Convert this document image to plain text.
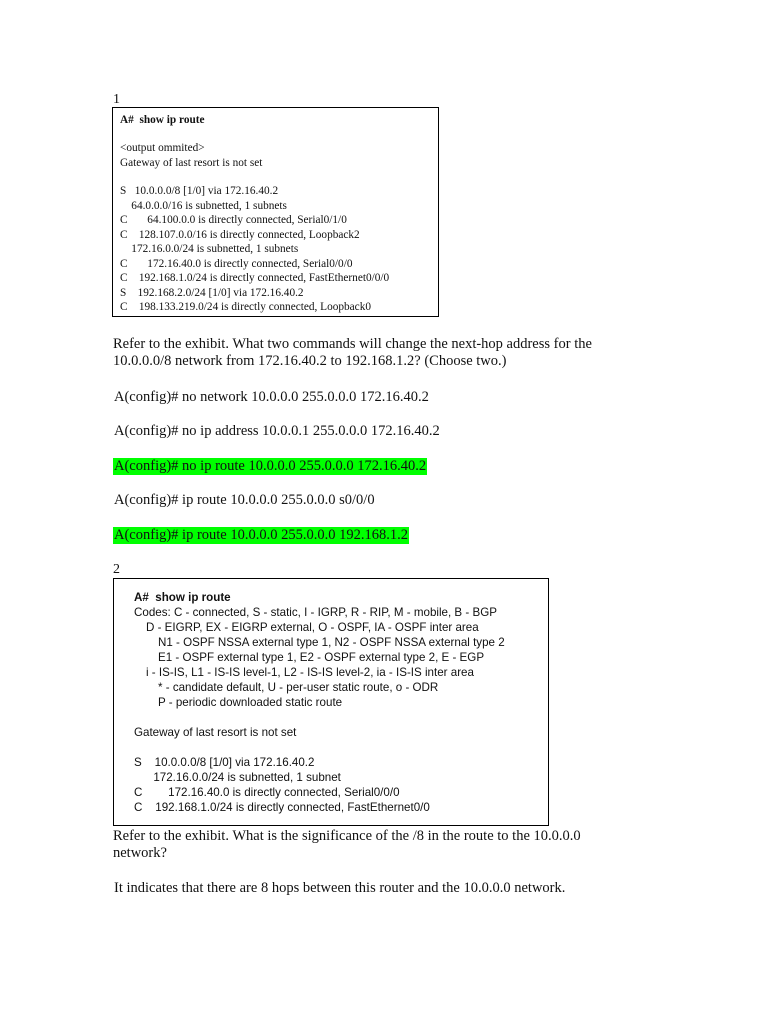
1
A#  show ip route
<output ommited>
Gateway of last resort is not set
S   10.0.0.0/8 [1/0] via 172.16.40.2
64.0.0.0/16 is subnetted, 1 subnets
C       64.100.0.0 is directly connected, Serial0/1/0
C    128.107.0.0/16 is directly connected, Loopback2
172.16.0.0/24 is subnetted, 1 subnets
C       172.16.40.0 is directly connected, Serial0/0/0
C    192.168.1.0/24 is directly connected, FastEthernet0/0/0
S    192.168.2.0/24 [1/0] via 172.16.40.2
C    198.133.219.0/24 is directly connected, Loopback0
Refer to the exhibit. What two commands will change the next-hop address for the
10.0.0.0/8 network from 172.16.40.2 to 192.168.1.2? (Choose two.)
A(config)# no network 10.0.0.0 255.0.0.0 172.16.40.2
A(config)# no ip address 10.0.0.1 255.0.0.0 172.16.40.2
A(config)# no ip route 10.0.0.0 255.0.0.0 172.16.40.2
A(config)# ip route 10.0.0.0 255.0.0.0 s0/0/0
A(config)# ip route 10.0.0.0 255.0.0.0 192.168.1.2
2
A#  show ip route
Codes: C - connected, S - static, I - IGRP, R - RIP, M - mobile, B - BGP
D - EIGRP, EX - EIGRP external, O - OSPF, IA - OSPF inter area
N1 - OSPF NSSA external type 1, N2 - OSPF NSSA external type 2
E1 - OSPF external type 1, E2 - OSPF external type 2, E - EGP
i - IS-IS, L1 - IS-IS level-1, L2 - IS-IS level-2, ia - IS-IS inter area
* - candidate default, U - per-user static route, o - ODR
P - periodic downloaded static route
Gateway of last resort is not set
S    10.0.0.0/8 [1/0] via 172.16.40.2
172.16.0.0/24 is subnetted, 1 subnet
C        172.16.40.0 is directly connected, Serial0/0/0
C    192.168.1.0/24 is directly connected, FastEthernet0/0
Refer to the exhibit. What is the significance of the /8 in the route to the 10.0.0.0
network?
It indicates that there are 8 hops between this router and the 10.0.0.0 network.
